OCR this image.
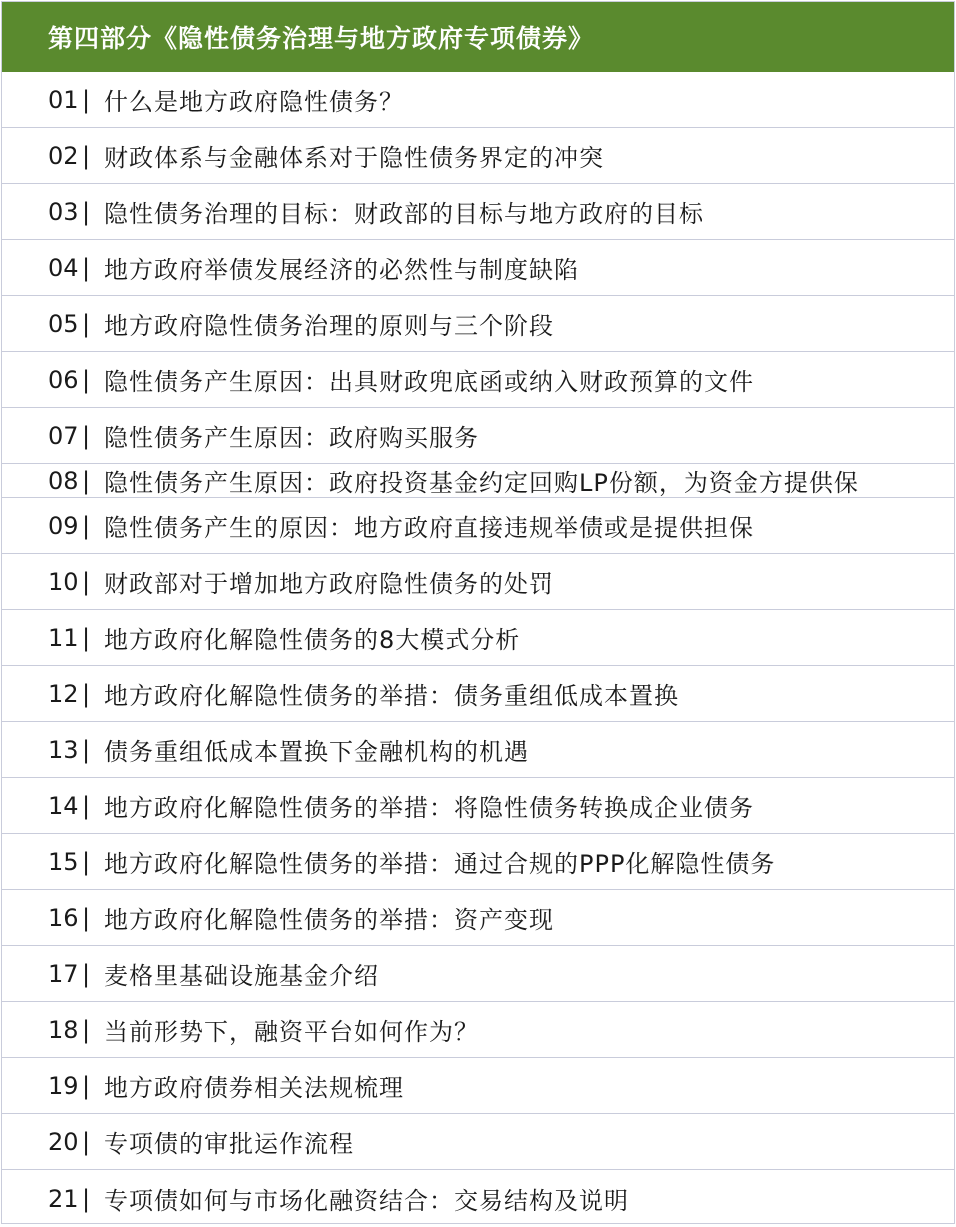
第四部分《隐性债务治理与地方政府专项债券》
01 | 什么是地方政府隐性债务？
02 | 财政体系与金融体系对于隐性债务界定的冲突
03 | 隐性债务治理的目标：财政部的目标与地方政府的目标
04 | 地方政府举债发展经济的必然性与制度缺陷
05 | 地方政府隐性债务治理的原则与三个阶段
06 | 隐性债务产生原因：出具财政兜底函或纳入财政预算的文件
07 | 隐性债务产生原因：政府购买服务
08 | 隐性债务产生原因：政府投资基金约定回购LP份额，为资金方提供保
09 | 隐性债务产生的原因：地方政府直接违规举债或是提供担保
10 | 财政部对于增加地方政府隐性债务的处罚
11 | 地方政府化解隐性债务的8大模式分析
12 | 地方政府化解隐性债务的举措：债务重组低成本置换
13 | 债务重组低成本置换下金融机构的机遇
14 | 地方政府化解隐性债务的举措：将隐性债务转换成企业债务
15 | 地方政府化解隐性债务的举措：通过合规的PPP化解隐性债务
16 | 地方政府化解隐性债务的举措：资产变现
17 | 麦格里基础设施基金介绍
18 | 当前形势下，融资平台如何作为？
19 | 地方政府债券相关法规梳理
20 | 专项债的审批运作流程
21 | 专项债如何与市场化融资结合：交易结构及说明
